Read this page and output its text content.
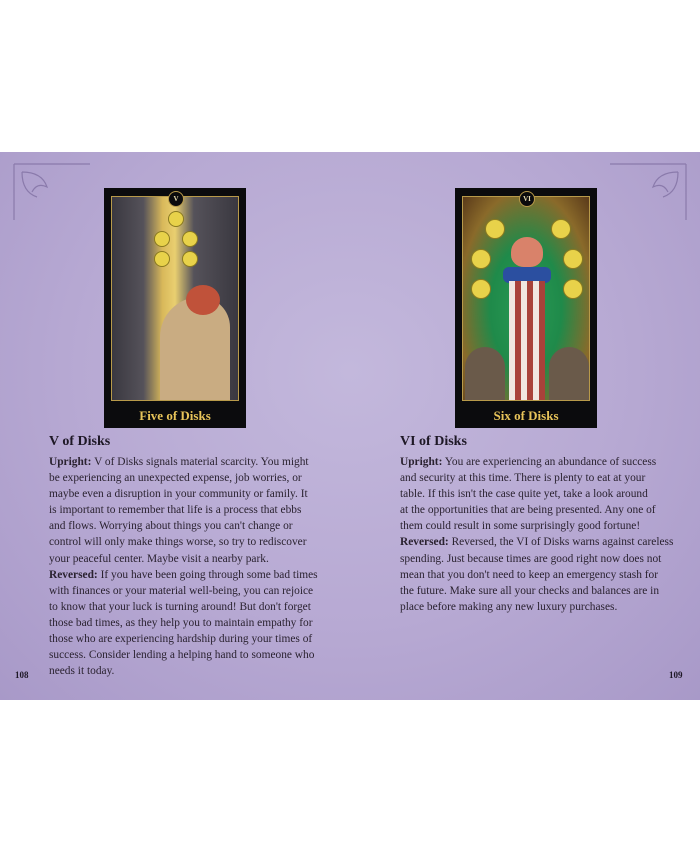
V
Five of Disks
VI
Six of Disks
V of Disks
Upright: V of Disks signals material scarcity. You might
be experiencing an unexpected expense, job worries, or
maybe even a disruption in your community or family. It
is important to remember that life is a process that ebbs
and flows. Worrying about things you can't change or
control will only make things worse, so try to rediscover
your peaceful center. Maybe visit a nearby park.
Reversed: If you have been going through some bad times
with finances or your material well-being, you can rejoice
to know that your luck is turning around! But don't forget
those bad times, as they help you to maintain empathy for
those who are experiencing hardship during your times of
success. Consider lending a helping hand to someone who
needs it today.
VI of Disks
Upright: You are experiencing an abundance of success
and security at this time. There is plenty to eat at your
table. If this isn't the case quite yet, take a look around
at the opportunities that are being presented. Any one of
them could result in some surprisingly good fortune!
Reversed: Reversed, the VI of Disks warns against careless
spending. Just because times are good right now does not
mean that you don't need to keep an emergency stash for
the future. Make sure all your checks and balances are in
place before making any new luxury purchases.
108	109
